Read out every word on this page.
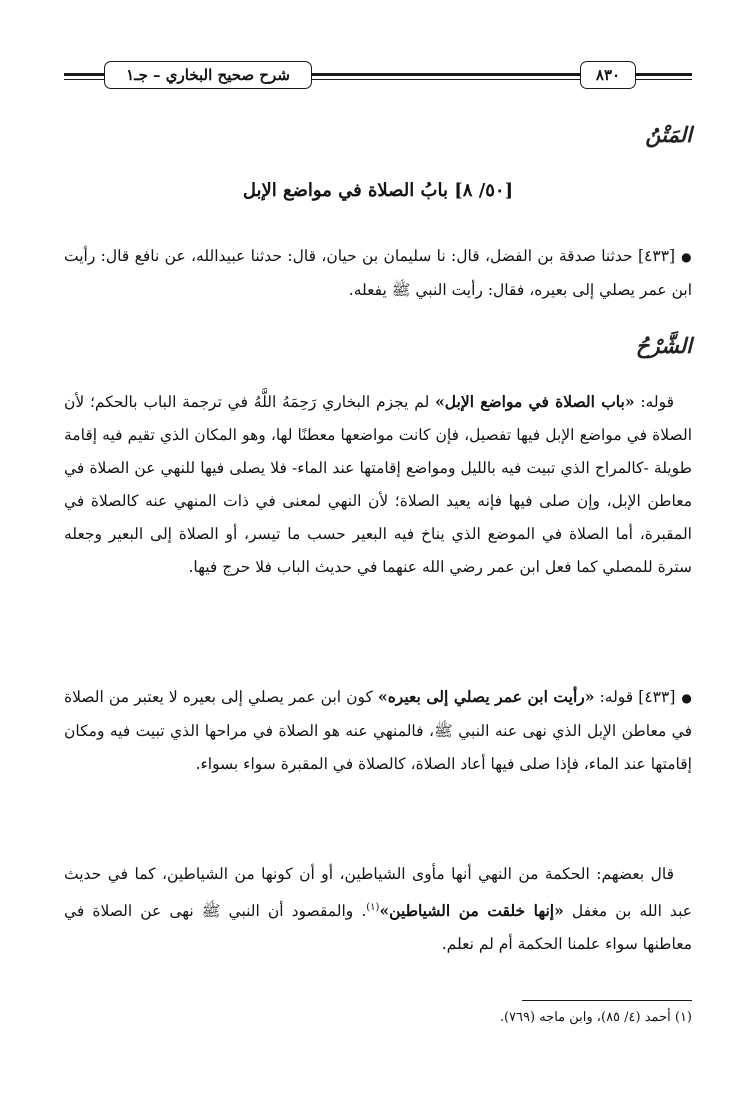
شرح صحيح البخاري – جـ١	٨٣٠
المَتْنُ
[٥٠/ ٨] بابُ الصلاة في مواضع الإبل

●[٤٣٣] حدثنا صدقة بن الفضل، قال: نا سليمان بن حيان، قال: حدثنا عبيدالله، عن نافع قال: رأيت ابن عمر يصلي إلى بعيره، فقال: رأيت النبي ﷺ يفعله.

الشَّرْحُ

قوله: «باب الصلاة في مواضع الإبل» لم يجزم البخاري رَحِمَهُ اللَّهُ في ترجمة الباب بالحكم؛ لأن الصلاة في مواضع الإبل فيها تفصيل، فإن كانت مواضعها معطنًا لها، وهو المكان الذي تقيم فيه إقامة طويلة -كالمراح الذي تبيت فيه بالليل ومواضع إقامتها عند الماء- فلا يصلى فيها للنهي عن الصلاة في معاطن الإبل، وإن صلى فيها فإنه يعيد الصلاة؛ لأن النهي لمعنى في ذات المنهي عنه كالصلاة في المقبرة، أما الصلاة في الموضع الذي يناخ فيه البعير حسب ما تيسر، أو الصلاة إلى البعير وجعله سترة للمصلي كما فعل ابن عمر رضي الله عنهما في حديث الباب فلا حرج فيها.

●[٤٣٣] قوله: «رأيت ابن عمر يصلي إلى بعيره» كون ابن عمر يصلي إلى بعيره لا يعتبر من الصلاة في معاطن الإبل الذي نهى عنه النبي ﷺ، فالمنهي عنه هو الصلاة في مراحها الذي تبيت فيه ومكان إقامتها عند الماء، فإذا صلى فيها أعاد الصلاة، كالصلاة في المقبرة سواء بسواء.

قال بعضهم: الحكمة من النهي أنها مأوى الشياطين، أو أن كونها من الشياطين، كما في حديث عبد الله بن مغفل «إنها خلقت من الشياطين»$^{(١)}$. والمقصود أن النبي ﷺ نهى عن الصلاة في معاطنها سواء علمنا الحكمة أم لم نعلم.

(١) أحمد (٤/ ٨٥)، وابن ماجه (٧٦٩).
